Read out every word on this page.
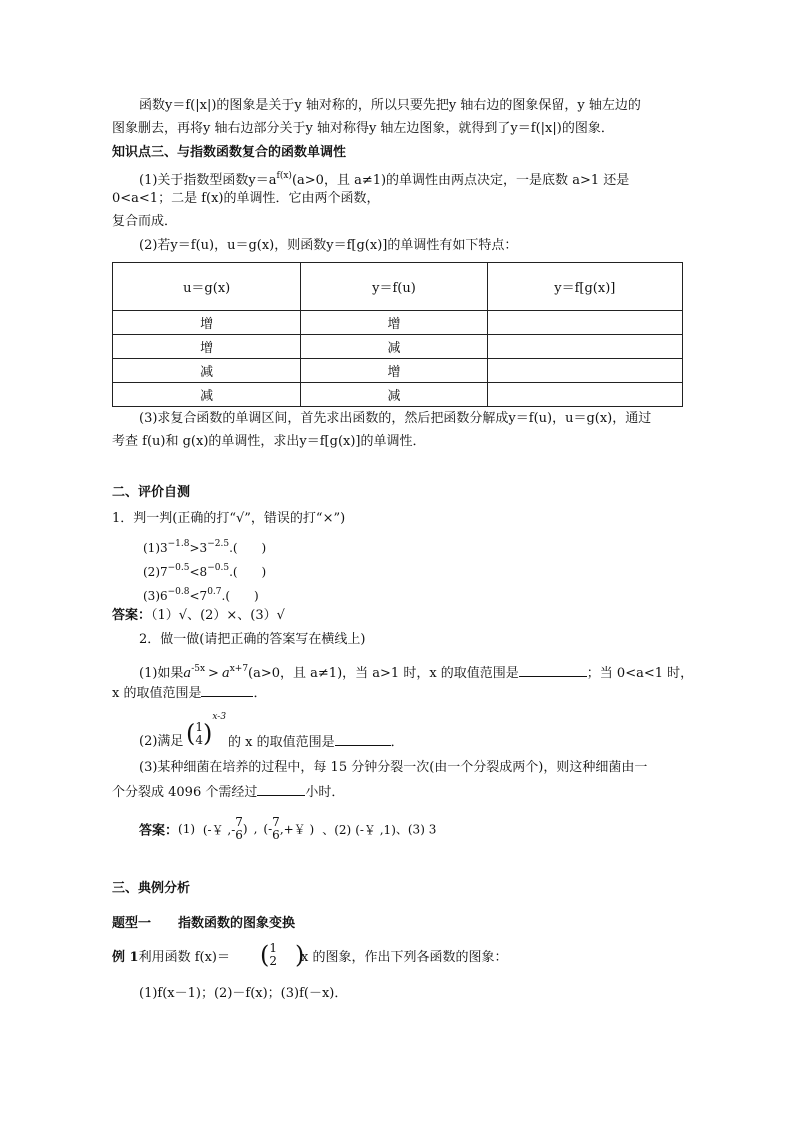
函数y＝f(|x|)的图象是关于y 轴对称的，所以只要先把y 轴右边的图象保留，y 轴左边的
图象删去，再将y 轴右边部分关于y 轴对称得y 轴左边图象，就得到了y＝f(|x|)的图象．
知识点三、与指数函数复合的函数单调性
(1)关于指数型函数$y=a^{f(x)}(a>0$，且 a≠1)的单调性由两点决定，一是底数 a>1 还是
0<a<1；二是 f(x)的单调性．它由两个函数，
复合而成．
(2)若y＝f(u)，u＝g(x)，则函数y＝f[g(x)]的单调性有如下特点：
u＝g(x)	y＝f(u)	y＝f[g(x)]
增	增	
增	减	
减	增	
减	减	
(3)求复合函数的单调区间，首先求出函数的，然后把函数分解成y＝f(u)，u＝g(x)，通过
考查 f(u)和 g(x)的单调性，求出y＝f[g(x)]的单调性．
二、评价自测
1．判一判(正确的打“√”，错误的打“×”)
$(1)3^{-1.8}>3^{-2.5}$.(　　)
$(2)7^{-0.5}<8^{-0.5}$.(　　)
$(3)6^{-0.8}<7^{0.7}$.(　　)
答案：（1）√、(2）×、(3）√
2．做一做(请把正确的答案写在横线上)
(1)如果$a^{-5x} > a^{x+7}(a>0$，且 a≠1)，当 a>1 时，x 的取值范围是	；当 0<a<1 时，
x 的取值范围是	．
(2)满足 ( 1
4 )$^{x-3}$
的 x 的取值范围是	．
(3)某种细菌在培养的过程中，每 15 分钟分裂一次(由一个分裂成两个)，则这种细菌由一
个分裂成 4096 个需经过	小时．
答案：(1) (-￥ ,-
7
6 ) , (- 7
6 ,+￥ ) 、(2) (-￥ ,1)、(3) 3
三、典例分析
题型一 指数函数的图象变换
例 1利用函数 f(x)＝ ( 1
2 )
x 的图象，作出下列各函数的图象：
(1)f(x－1)；(2)－f(x)；(3)f(－x)．
